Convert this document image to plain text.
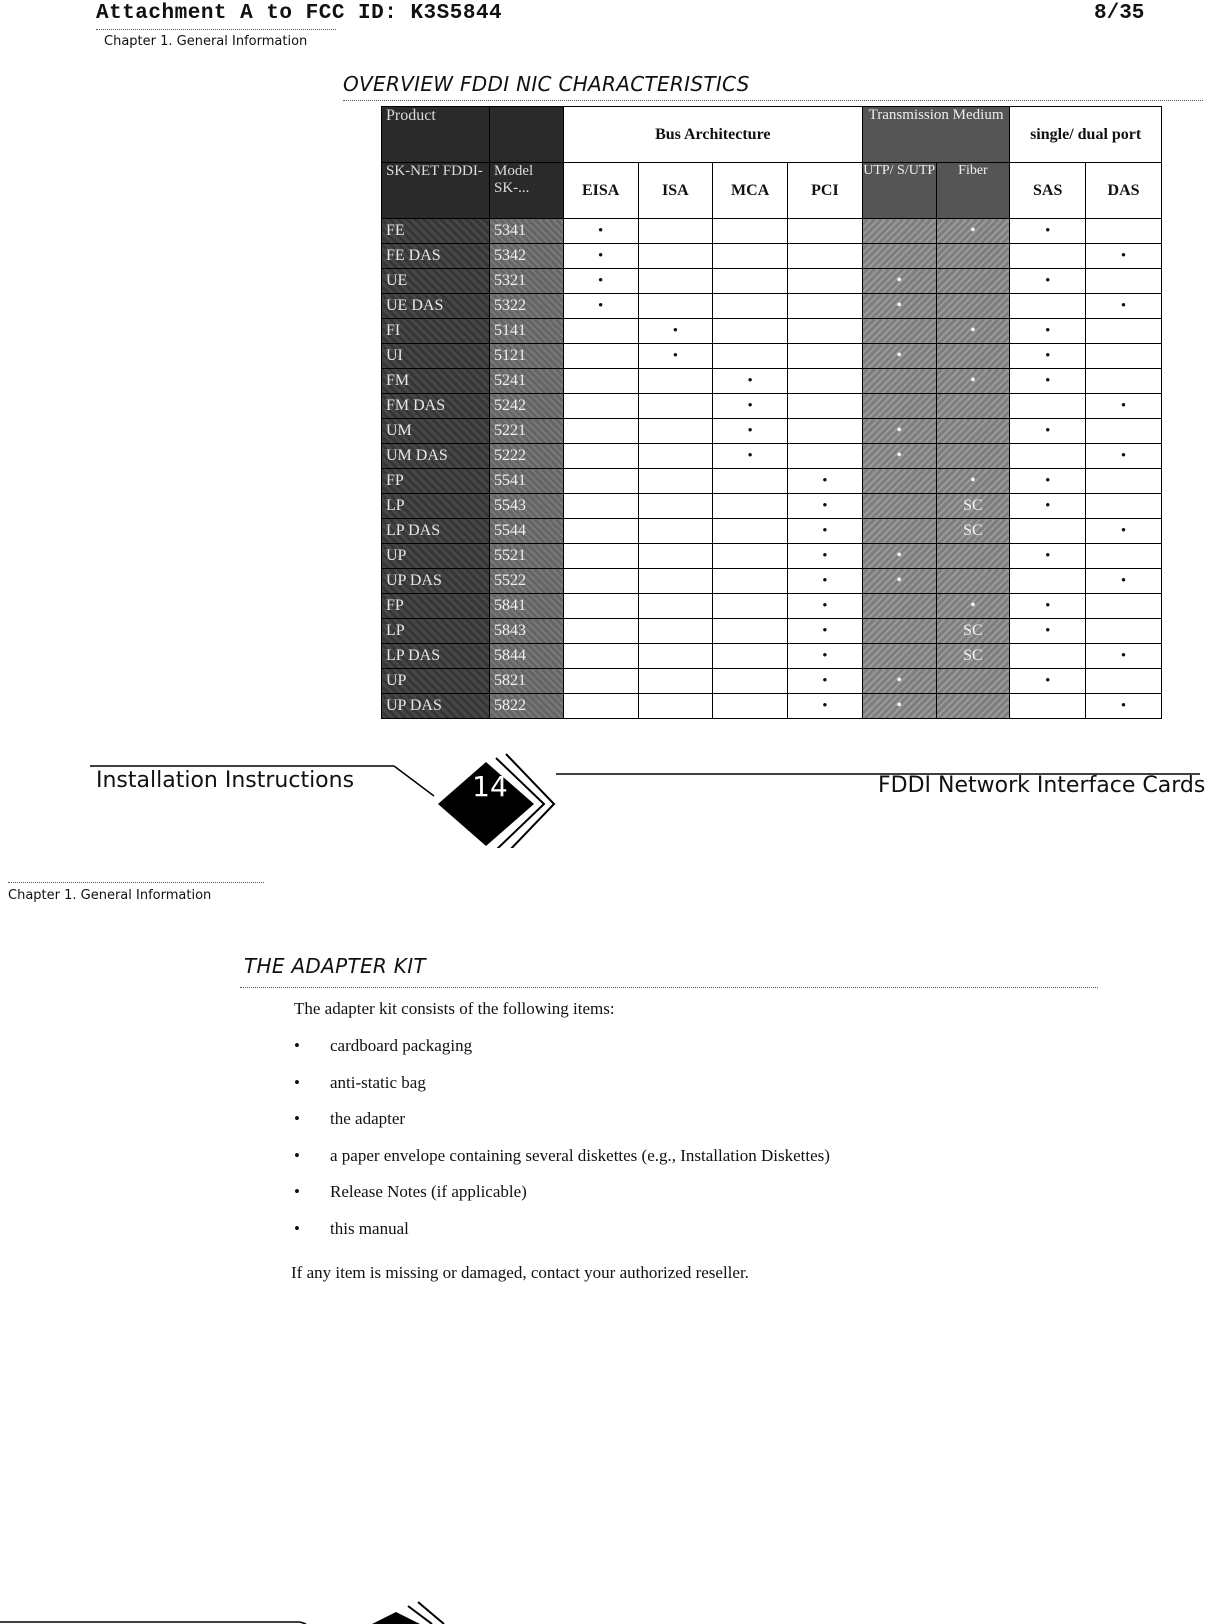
Attachment A to FCC ID: K3S5844	8/35
Chapter 1. General Information
OVERVIEW FDDI NIC CHARACTERISTICS
Product		Bus Architecture				Transmission Medium		single/ dual port	
SK-NET FDDI-	Model SK-...	EISA	ISA	MCA	PCI	UTP/ S/UTP	Fiber	SAS	DAS
FE	5341	•					•	•	
FE DAS	5342	•							•
UE	5321	•				•		•	
UE DAS	5322	•				•			•
FI	5141		•				•	•	
UI	5121		•			•		•	
FM	5241			•			•	•	
FM DAS	5242			•					•
UM	5221			•		•		•	
UM DAS	5222			•		•			•
FP	5541				•		•	•	
LP	5543				•		SC	•	
LP DAS	5544				•		SC		•
UP	5521				•	•		•	
UP DAS	5522				•	•			•
FP	5841				•		•	•	
LP	5843				•		SC	•	
LP DAS	5844				•		SC		•
UP	5821				•	•		•	
UP DAS	5822				•	•			•
Installation Instructions	14	FDDI Network Interface Cards
Chapter 1. General Information
THE ADAPTER KIT
The adapter kit consists of the following items:
• cardboard packaging
• anti-static bag
• the adapter
• a paper envelope containing several diskettes (e.g., Installation Diskettes)
• Release Notes (if applicable)
• this manual
If any item is missing or damaged, contact your authorized reseller.
